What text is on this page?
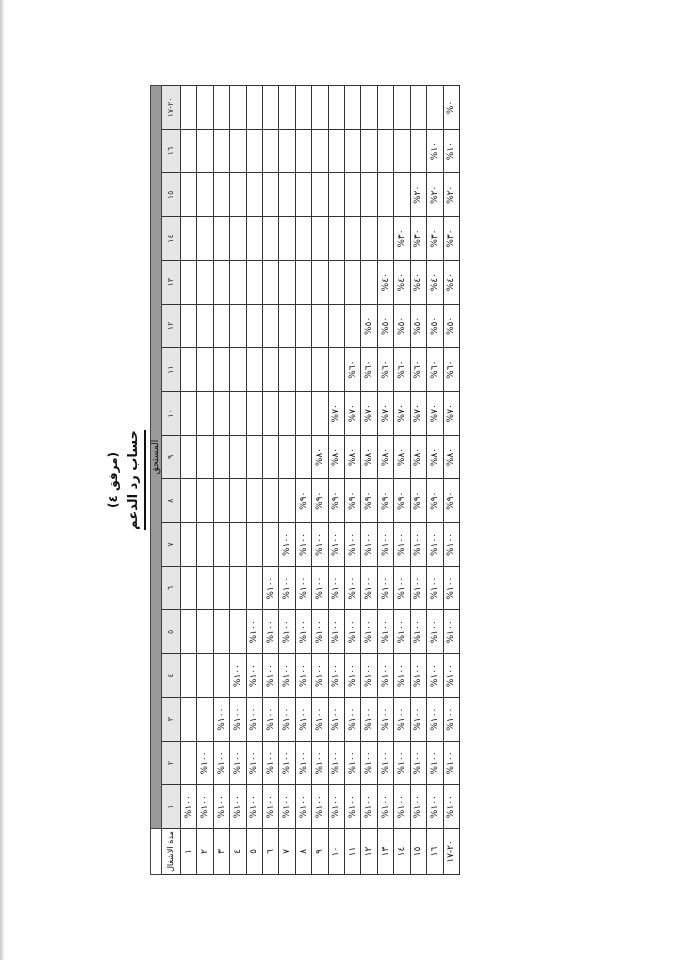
(مرفق ٤) حساب رد الدعم
		المستحق																
مدة الاشغال	١	٢	٣	٤	٥	٦	٧	٨	٩	١٠	١١	١٢	١٣	١٤	١٥	١٦	٢٠-١٧
١	%١٠٠																
٢	%١٠٠	%١٠٠															
٣	%١٠٠	%١٠٠	%١٠٠														
٤	%١٠٠	%١٠٠	%١٠٠	%١٠٠													
٥	%١٠٠	%١٠٠	%١٠٠	%١٠٠	%١٠٠												
٦	%١٠٠	%١٠٠	%١٠٠	%١٠٠	%١٠٠	%١٠٠											
٧	%١٠٠	%١٠٠	%١٠٠	%١٠٠	%١٠٠	%١٠٠	%١٠٠										
٨	%١٠٠	%١٠٠	%١٠٠	%١٠٠	%١٠٠	%١٠٠	%١٠٠	%٩٠									
٩	%١٠٠	%١٠٠	%١٠٠	%١٠٠	%١٠٠	%١٠٠	%١٠٠	%٩٠	%٨٠								
١٠	%١٠٠	%١٠٠	%١٠٠	%١٠٠	%١٠٠	%١٠٠	%١٠٠	%٩٠	%٨٠	%٧٠							
١١	%١٠٠	%١٠٠	%١٠٠	%١٠٠	%١٠٠	%١٠٠	%١٠٠	%٩٠	%٨٠	%٧٠	%٦٠						
١٢	%١٠٠	%١٠٠	%١٠٠	%١٠٠	%١٠٠	%١٠٠	%١٠٠	%٩٠	%٨٠	%٧٠	%٦٠	%٥٠					
١٣	%١٠٠	%١٠٠	%١٠٠	%١٠٠	%١٠٠	%١٠٠	%١٠٠	%٩٠	%٨٠	%٧٠	%٦٠	%٥٠	%٤٠				
١٤	%١٠٠	%١٠٠	%١٠٠	%١٠٠	%١٠٠	%١٠٠	%١٠٠	%٩٠	%٨٠	%٧٠	%٦٠	%٥٠	%٤٠	%٣٠			
١٥	%١٠٠	%١٠٠	%١٠٠	%١٠٠	%١٠٠	%١٠٠	%١٠٠	%٩٠	%٨٠	%٧٠	%٦٠	%٥٠	%٤٠	%٣٠	%٢٠		
١٦	%١٠٠	%١٠٠	%١٠٠	%١٠٠	%١٠٠	%١٠٠	%١٠٠	%٩٠	%٨٠	%٧٠	%٦٠	%٥٠	%٤٠	%٣٠	%٢٠	%١٠	
٢٠-١٧	%١٠٠	%١٠٠	%١٠٠	%١٠٠	%١٠٠	%١٠٠	%١٠٠	%٩٠	%٨٠	%٧٠	%٦٠	%٥٠	%٤٠	%٣٠	%٢٠	%١٠	%٠
